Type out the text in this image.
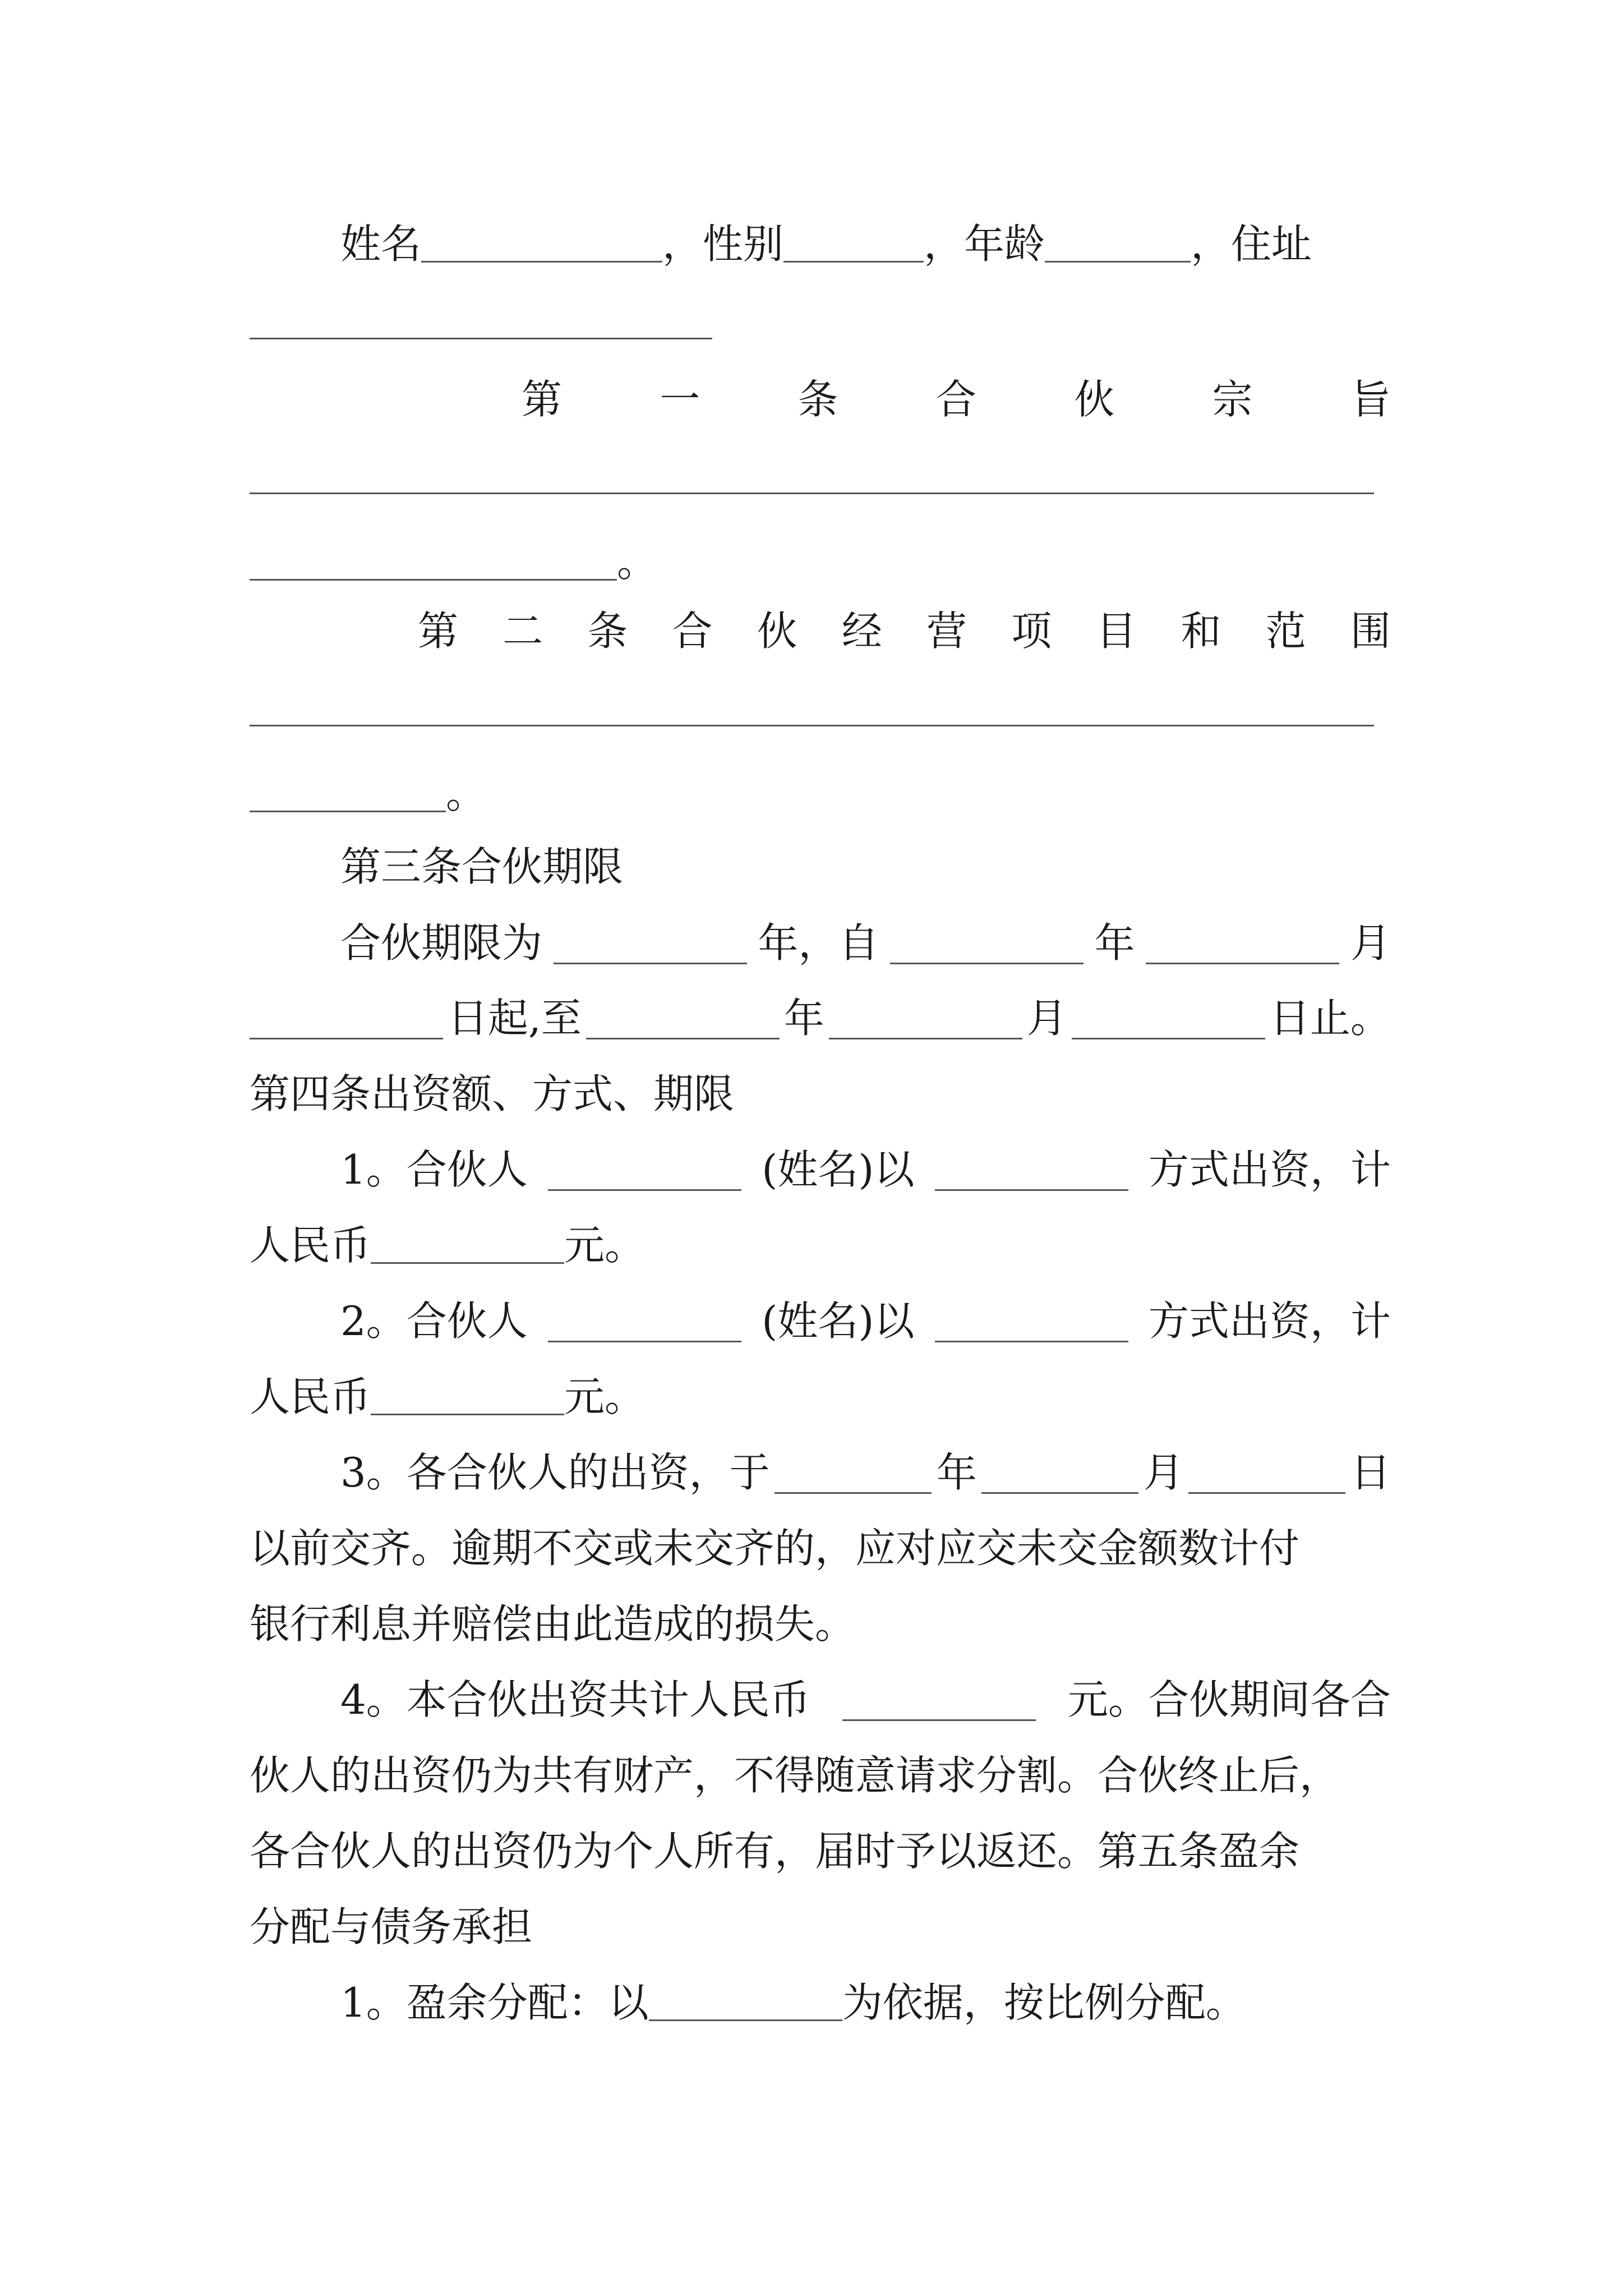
姓名	，性别	，年龄	，住址
第 一 条 合 伙 宗 旨
。
第 二 条 合 伙 经 营 项 目 和 范 围
。
第三条合伙期限
合伙期限为	年，自	年	月
日起,至	年	月	日止。
第四条出资额、方式、期限
1。合伙人	(姓名)以	方式出资，计
人民币	元。
2。合伙人	(姓名)以	方式出资，计
人民币	元。
3。各合伙人的出资，于	年	月	日
以前交齐。逾期不交或未交齐的，应对应交未交金额数计付
银行利息并赔偿由此造成的损失。
4。本合伙出资共计人民币	元。合伙期间各合
伙人的出资仍为共有财产，不得随意请求分割。合伙终止后，
各合伙人的出资仍为个人所有，届时予以返还。第五条盈余
分配与债务承担
1。盈余分配：以	为依据，按比例分配。
